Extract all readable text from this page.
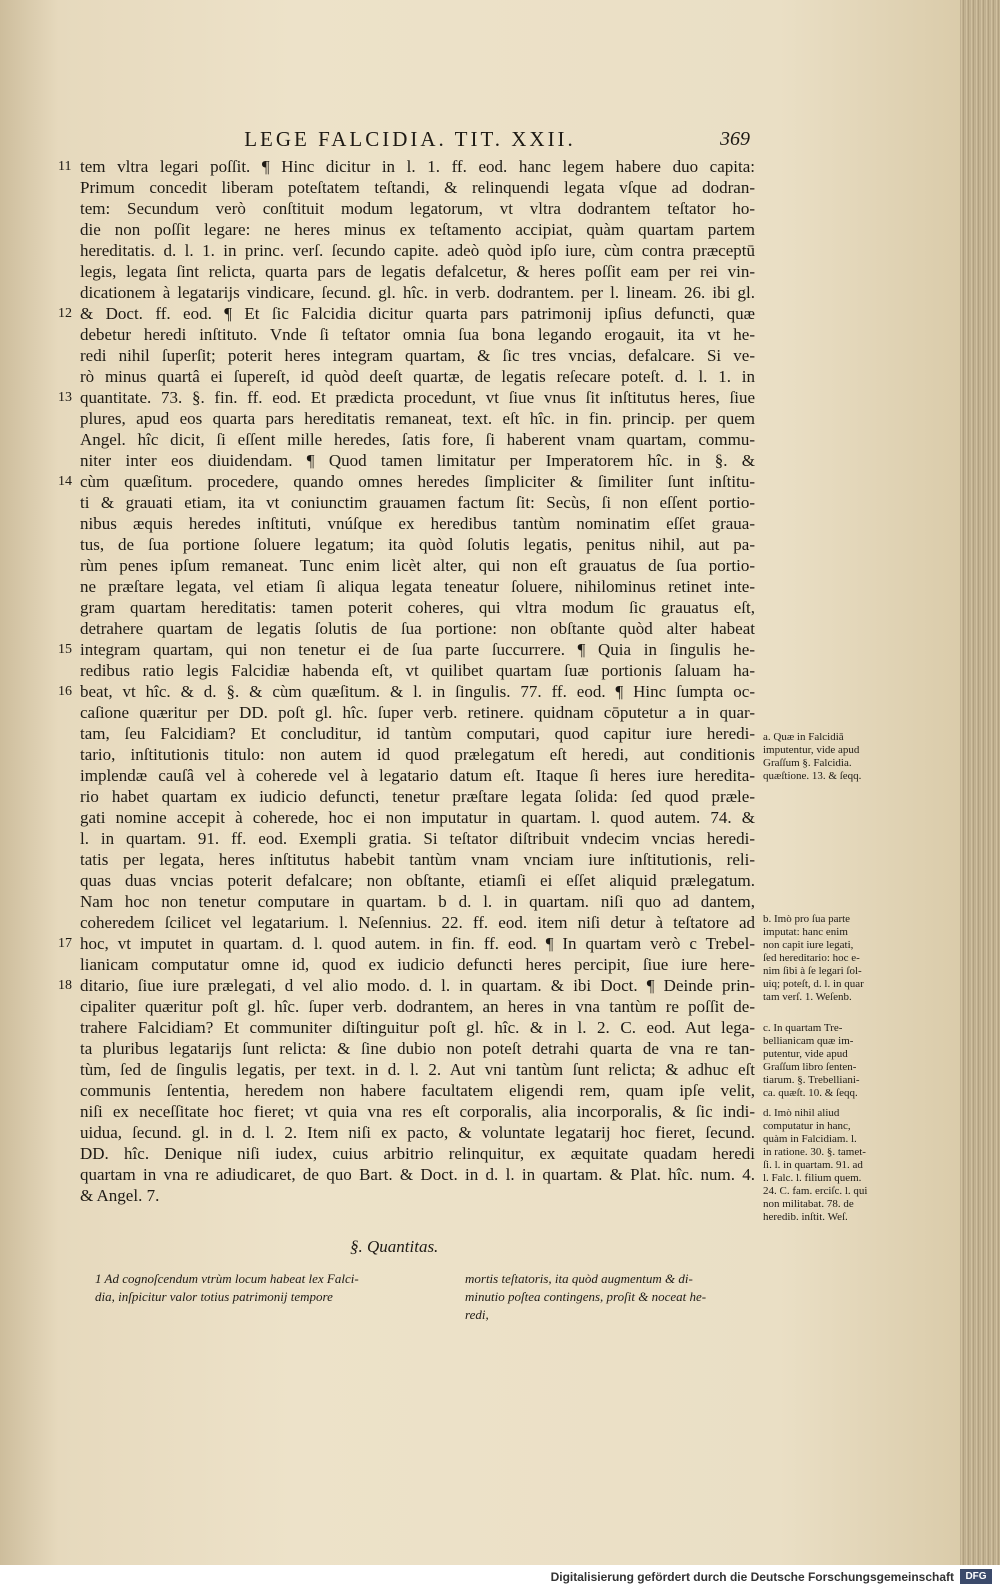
LEGE FALCIDIA. TIT. XXII.	369
11 tem vltra legari poſſit. ¶ Hinc dicitur in l. 1. ff. eod. hanc legem habere duo capita:
Primum concedit liberam poteſtatem teſtandi, & relinquendi legata vſque ad dodran-
tem: Secundum verò conſtituit modum legatorum, vt vltra dodrantem teſtator ho-
die non poſſit legare: ne heres minus ex teſtamento accipiat, quàm quartam partem
hereditatis. d. l. 1. in princ. verſ. ſecundo capite. adeò quòd ipſo iure, cùm contra præceptū
legis, legata ſint relicta, quarta pars de legatis defalcetur, & heres poſſit eam per rei vin-
dicationem à legatarijs vindicare, ſecund. gl. hîc. in verb. dodrantem. per l. lineam. 26. ibi gl.
12 & Doct. ff. eod. ¶ Et ſic Falcidia dicitur quarta pars patrimonij ipſius defuncti, quæ
debetur heredi inſtituto. Vnde ſi teſtator omnia ſua bona legando erogauit, ita vt he-
redi nihil ſuperſit; poterit heres integram quartam, & ſic tres vncias, defalcare. Si ve-
rò minus quartâ ei ſupereſt, id quòd deeſt quartæ, de legatis reſecare poteſt. d. l. 1. in
13 quantitate. 73. §. fin. ff. eod. Et prædicta procedunt, vt ſiue vnus ſit inſtitutus heres, ſiue
plures, apud eos quarta pars hereditatis remaneat, text. eſt hîc. in fin. princip. per quem
Angel. hîc dicit, ſi eſſent mille heredes, ſatis fore, ſi haberent vnam quartam, commu-
niter inter eos diuidendam. ¶ Quod tamen limitatur per Imperatorem hîc. in §. &
14 cùm quæſitum. procedere, quando omnes heredes ſimpliciter & ſimiliter ſunt inſtitu-
ti & grauati etiam, ita vt coniunctim grauamen factum ſit: Secùs, ſi non eſſent portio-
nibus æquis heredes inſtituti, vnúſque ex heredibus tantùm nominatim eſſet graua-
tus, de ſua portione ſoluere legatum; ita quòd ſolutis legatis, penitus nihil, aut pa-
rùm penes ipſum remaneat. Tunc enim licèt alter, qui non eſt grauatus de ſua portio-
ne præſtare legata, vel etiam ſi aliqua legata teneatur ſoluere, nihilominus retinet inte-
gram quartam hereditatis: tamen poterit coheres, qui vltra modum ſic grauatus eſt,
detrahere quartam de legatis ſolutis de ſua portione: non obſtante quòd alter habeat
15 integram quartam, qui non tenetur ei de ſua parte ſuccurrere. ¶ Quia in ſingulis he-
redibus ratio legis Falcidiæ habenda eſt, vt quilibet quartam ſuæ portionis ſaluam ha-
16 beat, vt hîc. & d. §. & cùm quæſitum. & l. in ſingulis. 77. ff. eod. ¶ Hinc ſumpta oc-
caſione quæritur per DD. poſt gl. hîc. ſuper verb. retinere. quidnam cōputetur a in quar-
tam, ſeu Falcidiam? Et concluditur, id tantùm computari, quod capitur iure heredi-
tario, inſtitutionis titulo: non autem id quod prælegatum eſt heredi, aut conditionis
implendæ cauſâ vel à coherede vel à legatario datum eſt. Itaque ſi heres iure heredita-
rio habet quartam ex iudicio defuncti, tenetur præſtare legata ſolida: ſed quod præle-
gati nomine accepit à coherede, hoc ei non imputatur in quartam. l. quod autem. 74. &
l. in quartam. 91. ff. eod. Exempli gratia. Si teſtator diſtribuit vndecim vncias heredi-
tatis per legata, heres inſtitutus habebit tantùm vnam vnciam iure inſtitutionis, reli-
quas duas vncias poterit defalcare; non obſtante, etiamſi ei eſſet aliquid prælegatum.
Nam hoc non tenetur computare in quartam. b d. l. in quartam. niſi quo ad dantem,
coheredem ſcilicet vel legatarium. l. Neſennius. 22. ff. eod. item niſi detur à teſtatore ad
17 hoc, vt imputet in quartam. d. l. quod autem. in fin. ff. eod. ¶ In quartam verò c Trebel-
lianicam computatur omne id, quod ex iudicio defuncti heres percipit, ſiue iure here-
18 ditario, ſiue iure prælegati, d vel alio modo. d. l. in quartam. & ibi Doct. ¶ Deinde prin-
cipaliter quæritur poſt gl. hîc. ſuper verb. dodrantem, an heres in vna tantùm re poſſit de-
trahere Falcidiam? Et communiter diſtinguitur poſt gl. hîc. & in l. 2. C. eod. Aut lega-
ta pluribus legatarijs ſunt relicta: & ſine dubio non poteſt detrahi quarta de vna re tan-
tùm, ſed de ſingulis legatis, per text. in d. l. 2. Aut vni tantùm ſunt relicta; & adhuc eſt
communis ſententia, heredem non habere facultatem eligendi rem, quam ipſe velit,
niſi ex neceſſitate hoc fieret; vt quia vna res eſt corporalis, alia incorporalis, & ſic indi-
uidua, ſecund. gl. in d. l. 2. Item niſi ex pacto, & voluntate legatarij hoc fieret, ſecund.
DD. hîc. Denique niſi iudex, cuius arbitrio relinquitur, ex æquitate quadam heredi
quartam in vna re adiudicaret, de quo Bart. & Doct. in d. l. in quartam. & Plat. hîc. num. 4.
& Angel. 7.
§. Quantitas.
1 Ad cognoſcendum vtrùm locum habeat lex Falci-
dia, inſpicitur valor totius patrimonij tempore
mortis teſtatoris, ita quòd augmentum & di-
minutio poſtea contingens, proſit & noceat he-
redi,
a. Quæ in Falcidiā
imputentur, vide apud
Graſſum §. Falcidia.
quæſtione. 13. & ſeqq.
b. Imò pro ſua parte
imputat: hanc enim
non capit iure legati,
ſed hereditario: hoc e-
nim ſibi à ſe legari ſol-
uiq; poteſt, d. l. in quar
tam verſ. 1. Weſenb.
c. In quartam Tre-
bellianicam quæ im-
putentur, vide apud
Graſſum libro ſenten-
tiarum. §. Trebelliani-
ca. quæſt. 10. & ſeqq.
d. Imò nihil aliud
computatur in hanc,
quàm in Falcidiam. l.
in ratione. 30. §. tamet-
ſi. l. in quartam. 91. ad
l. Falc. l. filium quem.
24. C. fam. erciſc. l. qui
non militabat. 78. de
heredib. inſtit. Weſ.
Digitalisierung gefördert durch die Deutsche Forschungsgemeinschaft	DFG
